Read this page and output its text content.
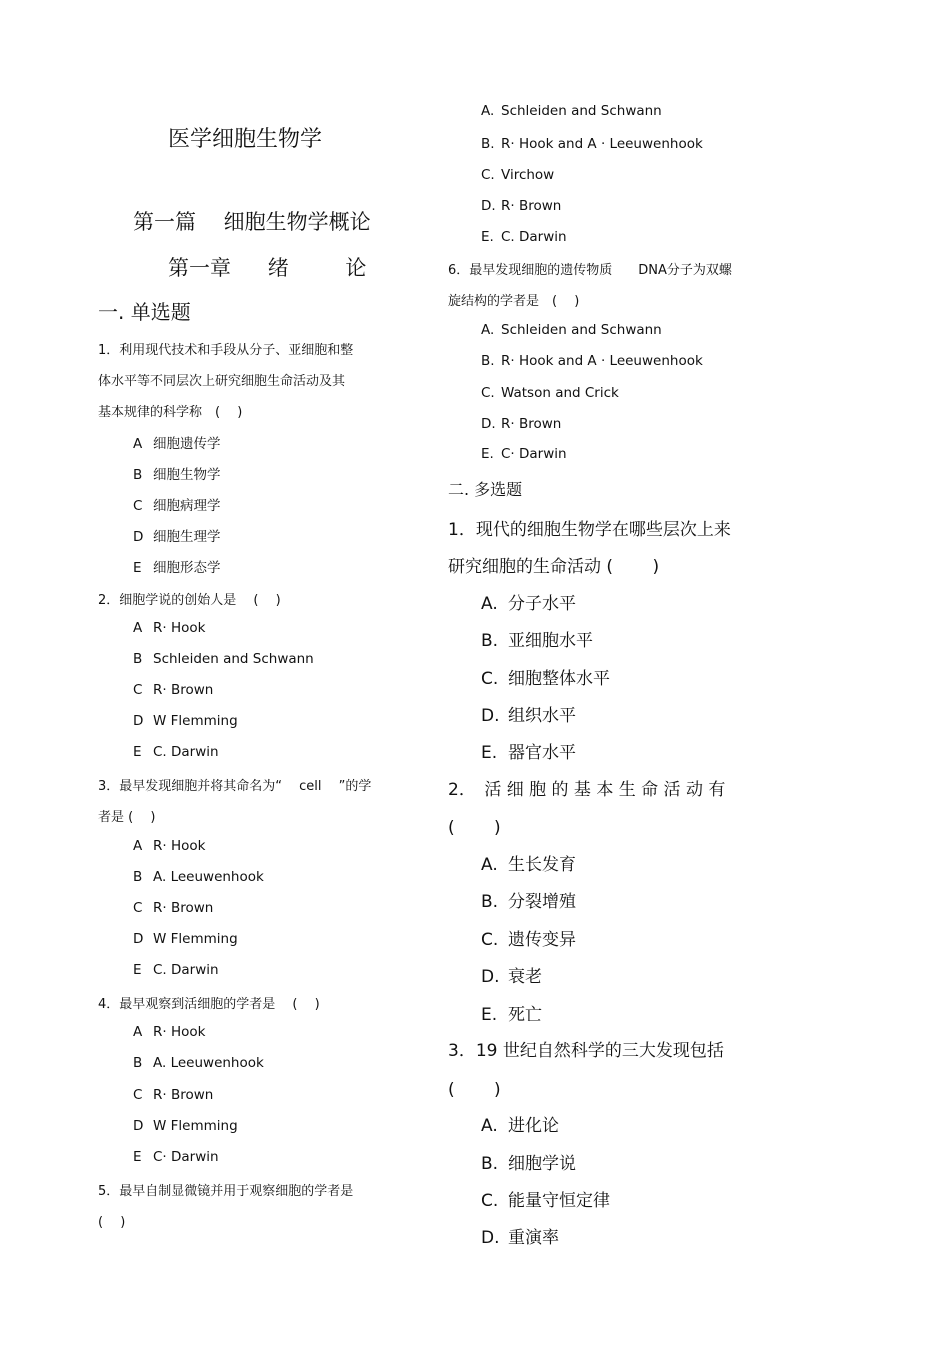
医学细胞生物学
第一篇　 细胞生物学概论
第一章 绪	论
一. 单选题
二. 多选题
1．利用现代技术和手段从分子、亚细胞和整
体水平等不同层次上研究细胞生命活动及其
基本规律的科学称　(　 )
A 细胞遗传学
B 细胞生物学
C 细胞病理学
D 细胞生理学
E 细胞形态学
2．细胞学说的创始人是　 (　 )
A R· Hook
B Schleiden and Schwann
C R· Brown
D W Flemming
E C. Darwin
3．最早发现细胞并将其命名为“　 cell　 ”的学
者是 (　 )
A R· Hook
B A. Leeuwenhook
C R· Brown
D W Flemming
E C. Darwin
4．最早观察到活细胞的学者是　 (　 )
A R· Hook
B A. Leeuwenhook
C R· Brown
D W Flemming
E C· Darwin
5．最早自制显微镜并用于观察细胞的学者是
(　 )
A. Schleiden and Schwann
B. R· Hook and A · Leeuwenhook
C. Virchow
D. R· Brown
E. C. Darwin
6．最早发现细胞的遗传物质　　DNA分子为双螺
旋结构的学者是　(　 )
A. Schleiden and Schwann
B. R· Hook and A · Leeuwenhook
C. Watson and Crick
D. R· Brown
E. C· Darwin
1．现代的细胞生物学在哪些层次上来
研究细胞的生命活动 (　　 )
A. 分子水平
B. 亚细胞水平
C. 细胞整体水平
D. 组织水平
E. 器官水平
2．　活 细 胞 的 基 本 生 命 活 动 有
(　　 )
A. 生长发育
B. 分裂增殖
C. 遗传变异
D. 衰老
E. 死亡
3．19 世纪自然科学的三大发现包括
(　　 )
A. 进化论
B. 细胞学说
C. 能量守恒定律
D. 重演率
